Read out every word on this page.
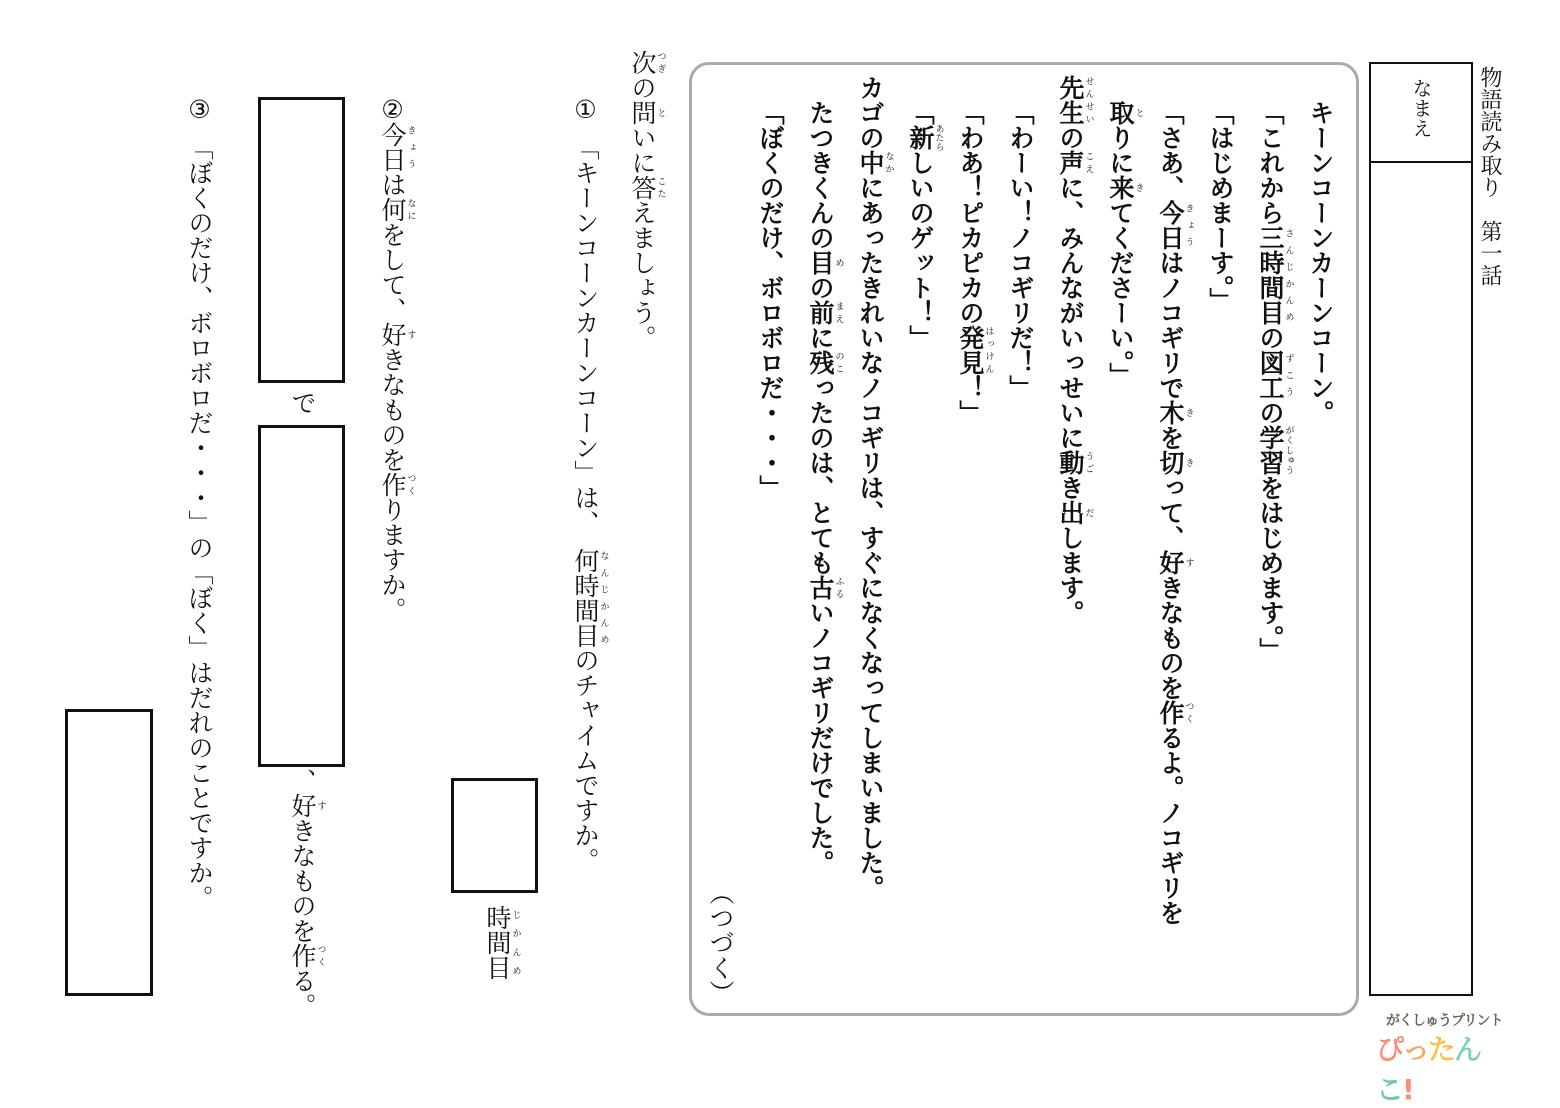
物語読み取り　第一話
なまえ
キーンコーンカーンコーン。
「これから三時間目さんじかんめの図工ずこうの学習がくしゅうをはじめます。」
「はじめまーす。」
「さあ、今日きょうはノコギリで木きを切きって、好すきなものを作つくるよ。ノコギリを
取とりに来きてくださーい。」
先生せんせいの声こえに、みんながいっせいに動うごき出だします。
「わーい！ノコギリだ！」
「わあ！ピカピカの発見はっけん！」
「新あたらしいのゲット！」
カゴの中なかにあったきれいなノコギリは、すぐになくなってしまいました。
たつきくんの目めの前まえに残のこったのは、とても古ふるいノコギリだけでした。
「ぼくのだけ、ボロボロだ・・・」
（つづく）
次つぎの問といに答こたえましょう。
①
「キーンコーンカーンコーン」は、　何時間目なんじかんめのチャイムですか。
時間目じかんめ
②
今日きょうは何なにをして、好すきなものを作つくりますか。
で
、好すきなものを作つくる。
③
「ぼくのだけ、ボロボロだ・・・」の「ぼく」はだれのことですか。
がくしゅうプリント
ぴったんこ!
